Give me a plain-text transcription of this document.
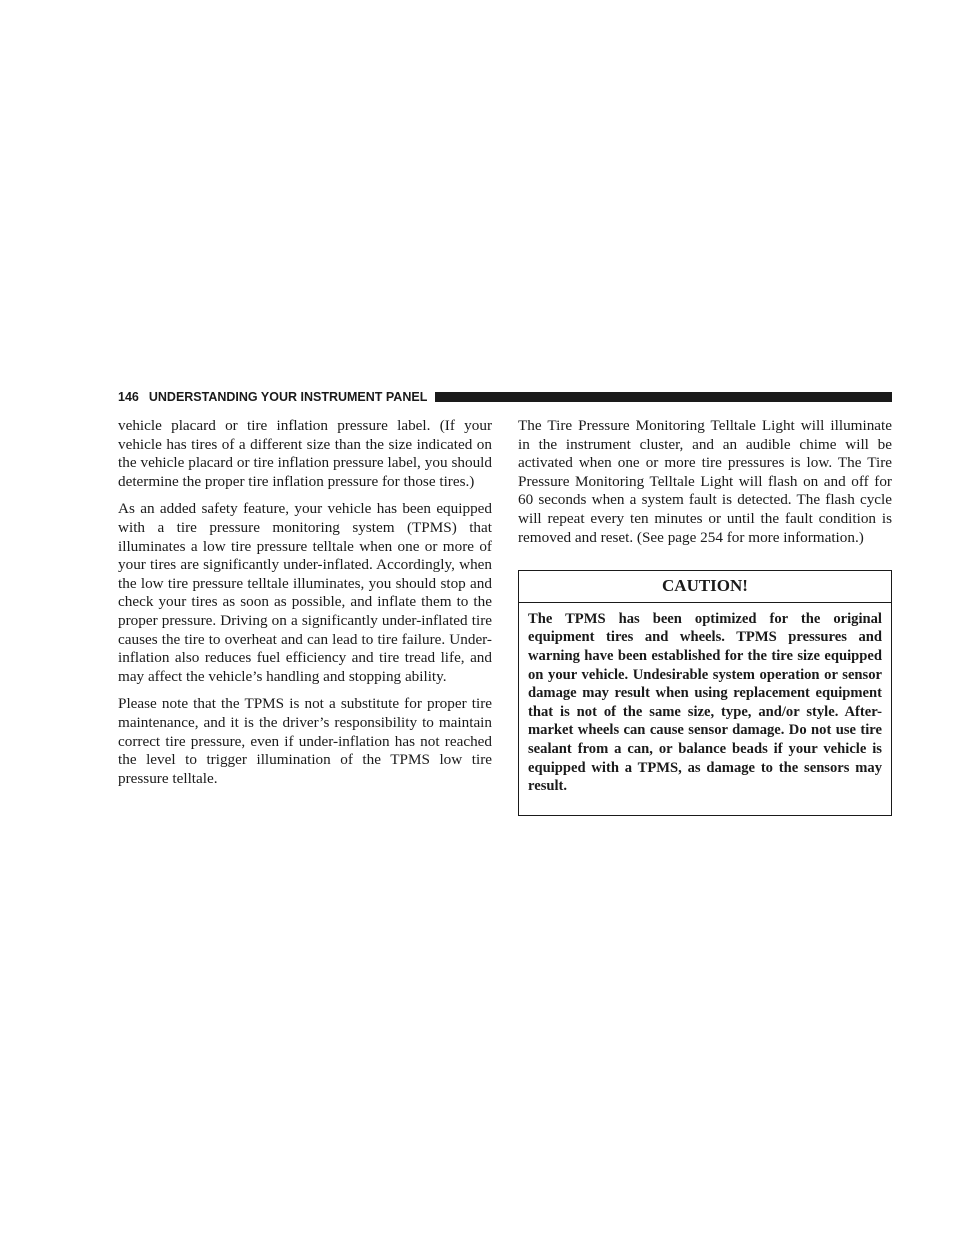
146 UNDERSTANDING YOUR INSTRUMENT PANEL

vehicle placard or tire inflation pressure label. (If your vehicle has tires of a different size than the size indicated on the vehicle placard or tire inflation pressure label, you should determine the proper tire inflation pressure for those tires.)

As an added safety feature, your vehicle has been equipped with a tire pressure monitoring system (TPMS) that illuminates a low tire pressure telltale when one or more of your tires are significantly under-inflated. Accordingly, when the low tire pressure telltale illuminates, you should stop and check your tires as soon as possible, and inflate them to the proper pressure. Driving on a significantly under-inflated tire causes the tire to overheat and can lead to tire failure. Under-inflation also reduces fuel efficiency and tire tread life, and may affect the vehicle’s handling and stopping ability.

Please note that the TPMS is not a substitute for proper tire maintenance, and it is the driver’s responsibility to maintain correct tire pressure, even if under-inflation has not reached the level to trigger illumination of the TPMS low tire pressure telltale.

The Tire Pressure Monitoring Telltale Light will illuminate in the instrument cluster, and an audible chime will be activated when one or more tire pressures is low. The Tire Pressure Monitoring Telltale Light will flash on and off for 60 seconds when a system fault is detected. The flash cycle will repeat every ten minutes or until the fault condition is removed and reset. (See page 254 for more information.)

CAUTION!

The TPMS has been optimized for the original equipment tires and wheels. TPMS pressures and warning have been established for the tire size equipped on your vehicle. Undesirable system operation or sensor damage may result when using replacement equipment that is not of the same size, type, and/or style. After-market wheels can cause sensor damage. Do not use tire sealant from a can, or balance beads if your vehicle is equipped with a TPMS, as damage to the sensors may result.
